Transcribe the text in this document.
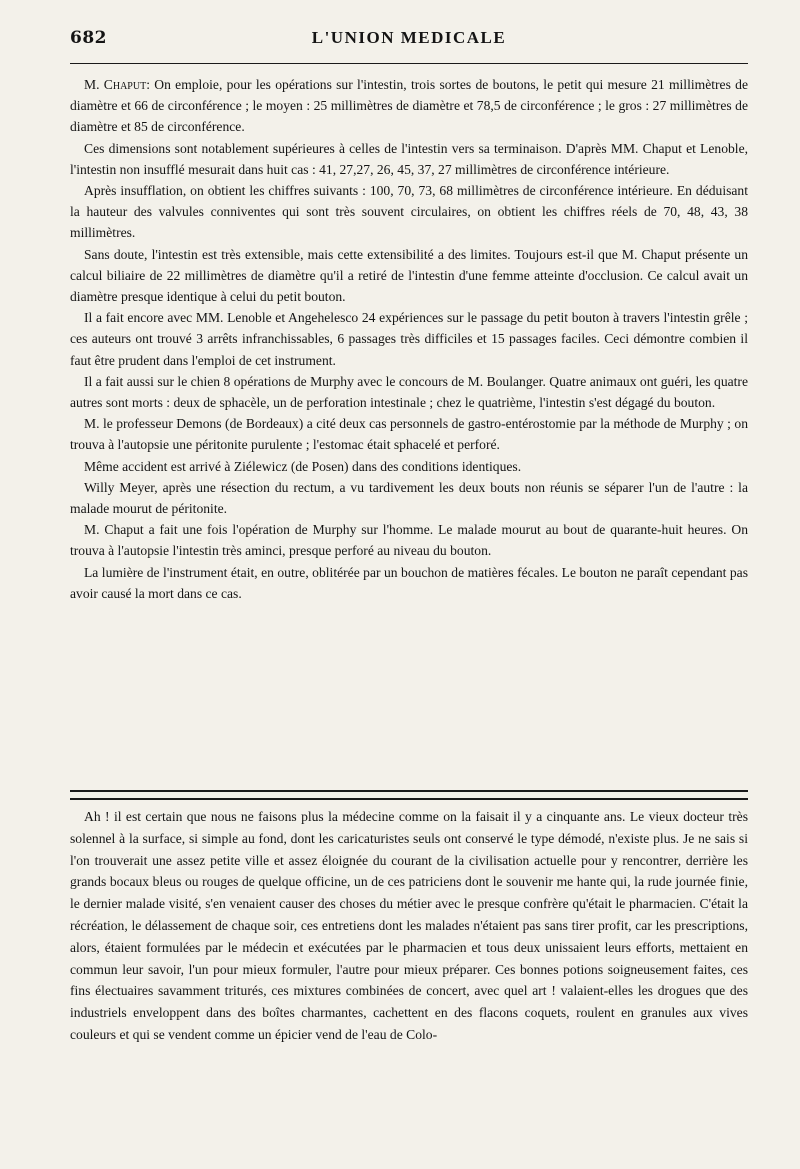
682	L'UNION MEDICALE

M. Chaput: On emploie, pour les opérations sur l'intestin, trois sortes de boutons, le petit qui mesure 21 millimètres de diamètre et 66 de circonférence ; le moyen : 25 millimètres de diamètre et 78,5 de circonférence ; le gros : 27 millimètres de diamètre et 85 de circonférence.

Ces dimensions sont notablement supérieures à celles de l'intestin vers sa terminaison. D'après MM. Chaput et Lenoble, l'intestin non insufflé mesurait dans huit cas : 41, 27,27, 26, 45, 37, 27 millimètres de circonférence intérieure.

Après insufflation, on obtient les chiffres suivants : 100, 70, 73, 68 millimètres de circonférence intérieure. En déduisant la hauteur des valvules conniventes qui sont très souvent circulaires, on obtient les chiffres réels de 70, 48, 43, 38 millimètres.

Sans doute, l'intestin est très extensible, mais cette extensibilité a des limites. Toujours est-il que M. Chaput présente un calcul biliaire de 22 millimètres de diamètre qu'il a retiré de l'intestin d'une femme atteinte d'occlusion. Ce calcul avait un diamètre presque identique à celui du petit bouton.

Il a fait encore avec MM. Lenoble et Angehelesco 24 expériences sur le passage du petit bouton à travers l'intestin grêle ; ces auteurs ont trouvé 3 arrêts infranchissables, 6 passages très difficiles et 15 passages faciles. Ceci démontre combien il faut être prudent dans l'emploi de cet instrument.

Il a fait aussi sur le chien 8 opérations de Murphy avec le concours de M. Boulanger. Quatre animaux ont guéri, les quatre autres sont morts : deux de sphacèle, un de perforation intestinale ; chez le quatrième, l'intestin s'est dégagé du bouton.

M. le professeur Demons (de Bordeaux) a cité deux cas personnels de gastro-entérostomie par la méthode de Murphy ; on trouva à l'autopsie une péritonite purulente ; l'estomac était sphacelé et perforé.

Même accident est arrivé à Ziélewicz (de Posen) dans des conditions identiques.

Willy Meyer, après une résection du rectum, a vu tardivement les deux bouts non réunis se séparer l'un de l'autre : la malade mourut de péritonite.

M. Chaput a fait une fois l'opération de Murphy sur l'homme. Le malade mourut au bout de quarante-huit heures. On trouva à l'autopsie l'intestin très aminci, presque perforé au niveau du bouton.

La lumière de l'instrument était, en outre, oblitérée par un bouchon de matières fécales. Le bouton ne paraît cependant pas avoir causé la mort dans ce cas.

Ah ! il est certain que nous ne faisons plus la médecine comme on la faisait il y a cinquante ans. Le vieux docteur très solennel à la surface, si simple au fond, dont les caricaturistes seuls ont conservé le type démodé, n'existe plus. Je ne sais si l'on trouverait une assez petite ville et assez éloignée du courant de la civilisation actuelle pour y rencontrer, derrière les grands bocaux bleus ou rouges de quelque officine, un de ces patriciens dont le souvenir me hante qui, la rude journée finie, le dernier malade visité, s'en venaient causer des choses du métier avec le presque confrère qu'était le pharmacien. C'était la récréation, le délassement de chaque soir, ces entretiens dont les malades n'étaient pas sans tirer profit, car les prescriptions, alors, étaient formulées par le médecin et exécutées par le pharmacien et tous deux unissaient leurs efforts, mettaient en commun leur savoir, l'un pour mieux formuler, l'autre pour mieux préparer. Ces bonnes potions soigneusement faites, ces fins électuaires savamment triturés, ces mixtures combinées de concert, avec quel art ! valaient-elles les drogues que des industriels enveloppent dans des boîtes charmantes, cachettent en des flacons coquets, roulent en granules aux vives couleurs et qui se vendent comme un épicier vend de l'eau de Colo-
